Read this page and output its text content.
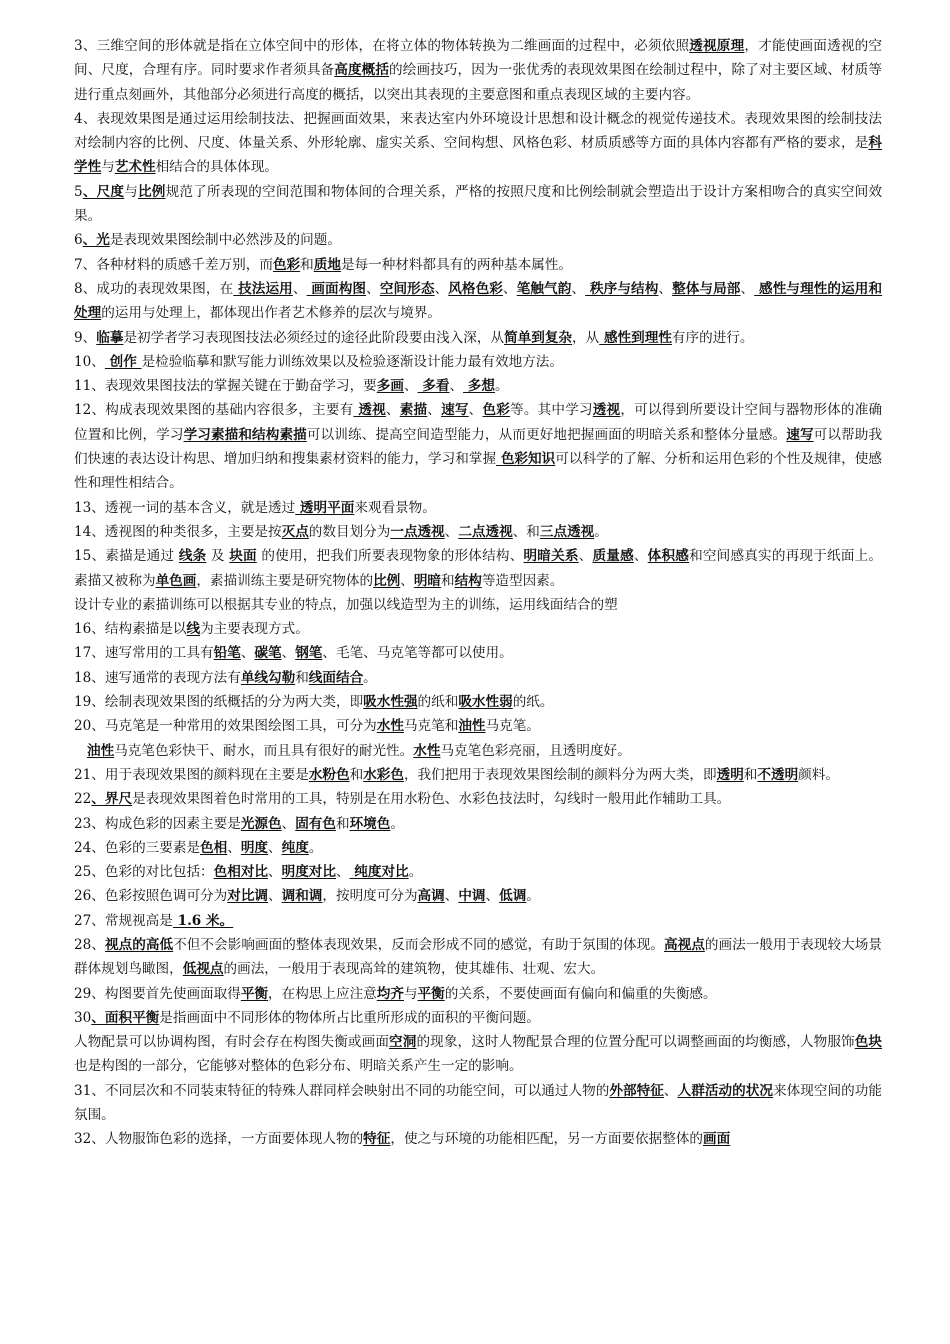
3、三维空间的形体就是指在立体空间中的形体，在将立体的物体转换为二维画面的过程中，必须依照透视原理，才能使画面透视的空间、尺度，合理有序。同时要求作者须具备高度概括的绘画技巧，因为一张优秀的表现效果图在绘制过程中，除了对主要区域、材质等进行重点刻画外，其他部分必须进行高度的概括，以突出其表现的主要意图和重点表现区域的主要内容。

4、表现效果图是通过运用绘制技法、把握画面效果，来表达室内外环境设计思想和设计概念的视觉传递技术。表现效果图的绘制技法对绘制内容的比例、尺度、体量关系、外形轮廓、虚实关系、空间构想、风格色彩、材质质感等方面的具体内容都有严格的要求，是科学性与艺术性相结合的具体体现。

5、尺度与比例规范了所表现的空间范围和物体间的合理关系，严格的按照尺度和比例绘制就会塑造出于设计方案相吻合的真实空间效果。

6、光是表现效果图绘制中必然涉及的问题。

7、各种材料的质感千差万别，而色彩和质地是每一种材料都具有的两种基本属性。

8、成功的表现效果图，在 技法运用、 画面构图、空间形态、风格色彩、笔触气韵、 秩序与结构、整体与局部、 感性与理性的运用和处理的运用与处理上，都体现出作者艺术修养的层次与境界。

9、临摹是初学者学习表现图技法必须经过的途径此阶段要由浅入深，从简单到复杂，从 感性到理性有序的进行。

10、 创作 是检验临摹和默写能力训练效果以及检验逐渐设计能力最有效地方法。

11、表现效果图技法的掌握关键在于勤奋学习，要多画、 多看、 多想。

12、构成表现效果图的基础内容很多，主要有 透视、素描、速写、色彩等。其中学习透视，可以得到所要设计空间与器物形体的准确位置和比例，学习学习素描和结构素描可以训练、提高空间造型能力，从而更好地把握画面的明暗关系和整体分量感。速写可以帮助我们快速的表达设计构思、增加归纳和搜集素材资料的能力，学习和掌握 色彩知识可以科学的了解、分析和运用色彩的个性及规律，使感性和理性相结合。

13、透视一词的基本含义，就是透过 透明平面来观看景物。

14、透视图的种类很多，主要是按灭点的数目划分为一点透视、二点透视、和三点透视。

15、素描是通过 线条 及 块面 的使用，把我们所要表现物象的形体结构、明暗关系、质量感、体积感和空间感真实的再现于纸面上。素描又被称为单色画，素描训练主要是研究物体的比例、明暗和结构等造型因素。

设计专业的素描训练可以根据其专业的特点，加强以线造型为主的训练，运用线面结合的塑

16、结构素描是以线为主要表现方式。

17、速写常用的工具有铅笔、碳笔、钢笔、毛笔、马克笔等都可以使用。

18、速写通常的表现方法有单线勾勒和线面结合。

19、绘制表现效果图的纸概括的分为两大类，即吸水性强的纸和吸水性弱的纸。

20、马克笔是一种常用的效果图绘图工具，可分为水性马克笔和油性马克笔。

油性马克笔色彩快干、耐水，而且具有很好的耐光性。水性马克笔色彩亮丽，且透明度好。

21、用于表现效果图的颜料现在主要是水粉色和水彩色，我们把用于表现效果图绘制的颜料分为两大类，即透明和不透明颜料。

22、界尺是表现效果图着色时常用的工具，特别是在用水粉色、水彩色技法时，勾线时一般用此作辅助工具。

23、构成色彩的因素主要是光源色、固有色和环境色。

24、色彩的三要素是色相、明度、纯度。

25、色彩的对比包括：色相对比、明度对比、 纯度对比。

26、色彩按照色调可分为对比调、调和调，按明度可分为高调、中调、低调。

27、常规视高是 1.6 米。

28、视点的高低不但不会影响画面的整体表现效果，反而会形成不同的感觉，有助于氛围的体现。高视点的画法一般用于表现较大场景群体规划鸟瞰图，低视点的画法，一般用于表现高耸的建筑物，使其雄伟、壮观、宏大。

29、构图要首先使画面取得平衡，在构思上应注意均齐与平衡的关系，不要使画面有偏向和偏重的失衡感。

30、面积平衡是指画面中不同形体的物体所占比重所形成的面积的平衡问题。

人物配景可以协调构图，有时会存在构图失衡或画面空洞的现象，这时人物配景合理的位置分配可以调整画面的均衡感，人物服饰色块也是构图的一部分，它能够对整体的色彩分布、明暗关系产生一定的影响。

31、不同层次和不同装束特征的特殊人群同样会映射出不同的功能空间，可以通过人物的外部特征、人群活动的状况来体现空间的功能氛围。

32、人物服饰色彩的选择，一方面要体现人物的特征，使之与环境的功能相匹配，另一方面要依据整体的画面
